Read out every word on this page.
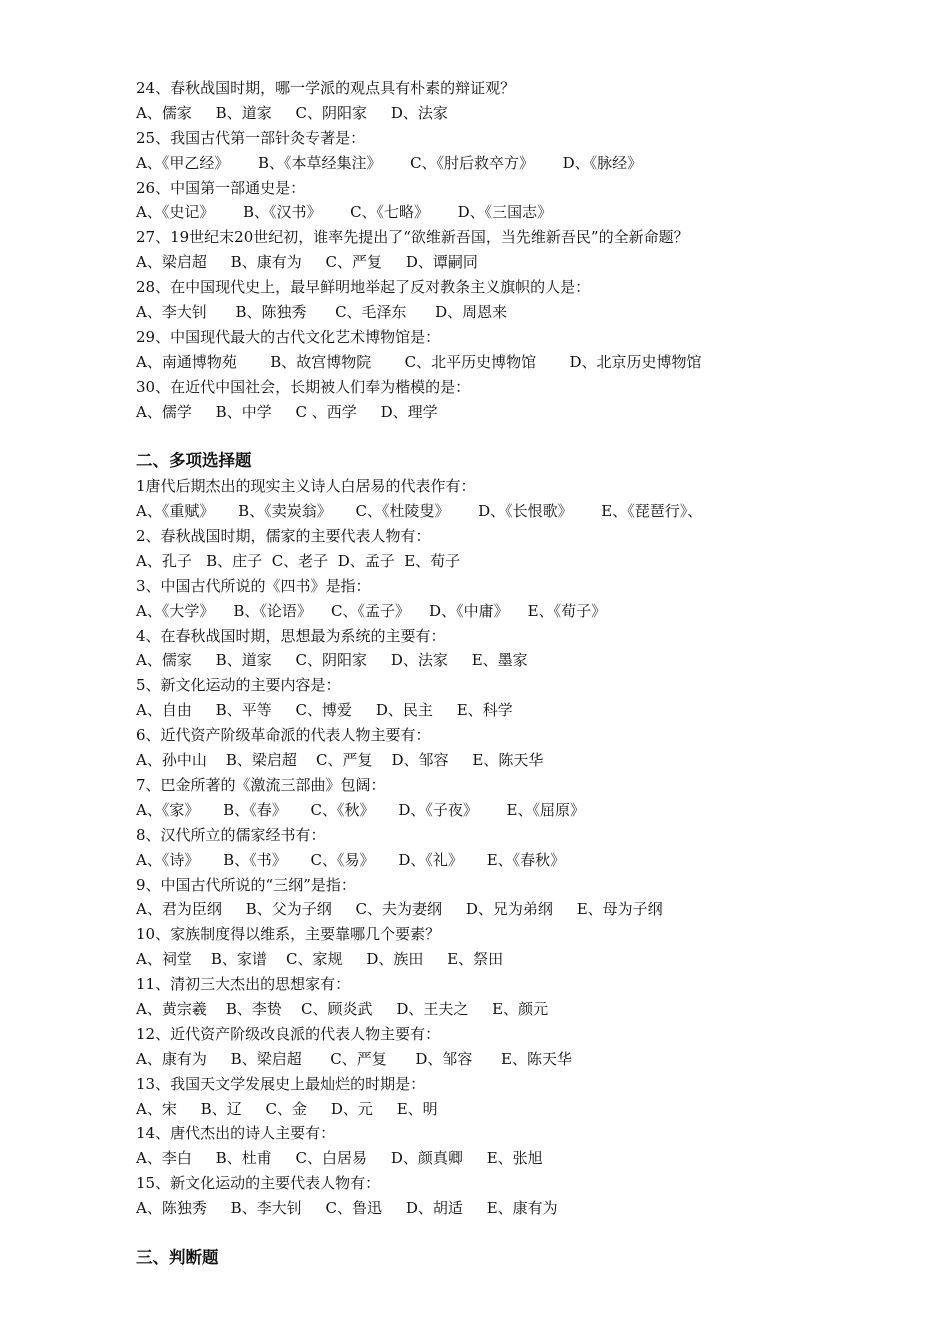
24、春秋战国时期，哪一学派的观点具有朴素的辩证观？
A、儒家     B、道家     C、阴阳家     D、法家
25、我国古代第一部针灸专著是：
A、《甲乙经》      B、《本草经集注》      C、《肘后救卒方》      D、《脉经》
26、中国第一部通史是：
A、《史记》      B、《汉书》      C、《七略》      D、《三国志》
27、19世纪末20世纪初，谁率先提出了“欲维新吾国，当先维新吾民”的全新命题？
A、梁启超     B、康有为     C、严复     D、谭嗣同
28、在中国现代史上，最早鲜明地举起了反对教条主义旗帜的人是：
A、李大钊      B、陈独秀      C、毛泽东      D、周恩来
29、中国现代最大的古代文化艺术博物馆是：
A、南通博物苑       B、故宫博物院       C、北平历史博物馆       D、北京历史博物馆
30、在近代中国社会，长期被人们奉为楷模的是：
A、儒学     B、中学     C 、西学     D、理学
二、多项选择题
1唐代后期杰出的现实主义诗人白居易的代表作有：
A、《重赋》     B、《卖炭翁》     C、《杜陵叟》      D、《长恨歌》      E、《琵琶行》、
2、春秋战国时期，儒家的主要代表人物有：
A、孔子   B、庄子  C、老子  D、孟子  E、荀子
3、中国古代所说的《四书》是指：
A、《大学》    B、《论语》    C、《孟子》    D、《中庸》    E、《荀子》
4、在春秋战国时期，思想最为系统的主要有：
A、儒家     B、道家     C、阴阳家     D、法家     E、墨家
5、新文化运动的主要内容是：
A、自由     B、平等     C、博爱     D、民主     E、科学
6、近代资产阶级革命派的代表人物主要有：
A、孙中山    B、梁启超    C、严复    D、邹容     E、陈天华
7、巴金所著的《激流三部曲》包阔：
A、《家》     B、《春》     C、《秋》     D、《子夜》      E、《屈原》
8、汉代所立的儒家经书有：
A、《诗》     B、《书》     C、《易》     D、《礼》     E、《春秋》
9、中国古代所说的“三纲”是指：
A、君为臣纲     B、父为子纲     C、夫为妻纲     D、兄为弟纲     E、母为子纲
10、家族制度得以维系，主要靠哪几个要素？
A、祠堂    B、家谱    C、家规     D、族田     E、祭田
11、清初三大杰出的思想家有：
A、黄宗羲    B、李贽    C、顾炎武     D、王夫之     E、颜元
12、近代资产阶级改良派的代表人物主要有：
A、康有为     B、梁启超      C、严复      D、邹容      E、陈天华
13、我国天文学发展史上最灿烂的时期是：
A、宋     B、辽     C、金     D、元     E、明
14、唐代杰出的诗人主要有：
A、李白     B、杜甫     C、白居易     D、颜真卿     E、张旭
15、新文化运动的主要代表人物有：
A、陈独秀     B、李大钊     C、鲁迅     D、胡适     E、康有为
三、判断题
